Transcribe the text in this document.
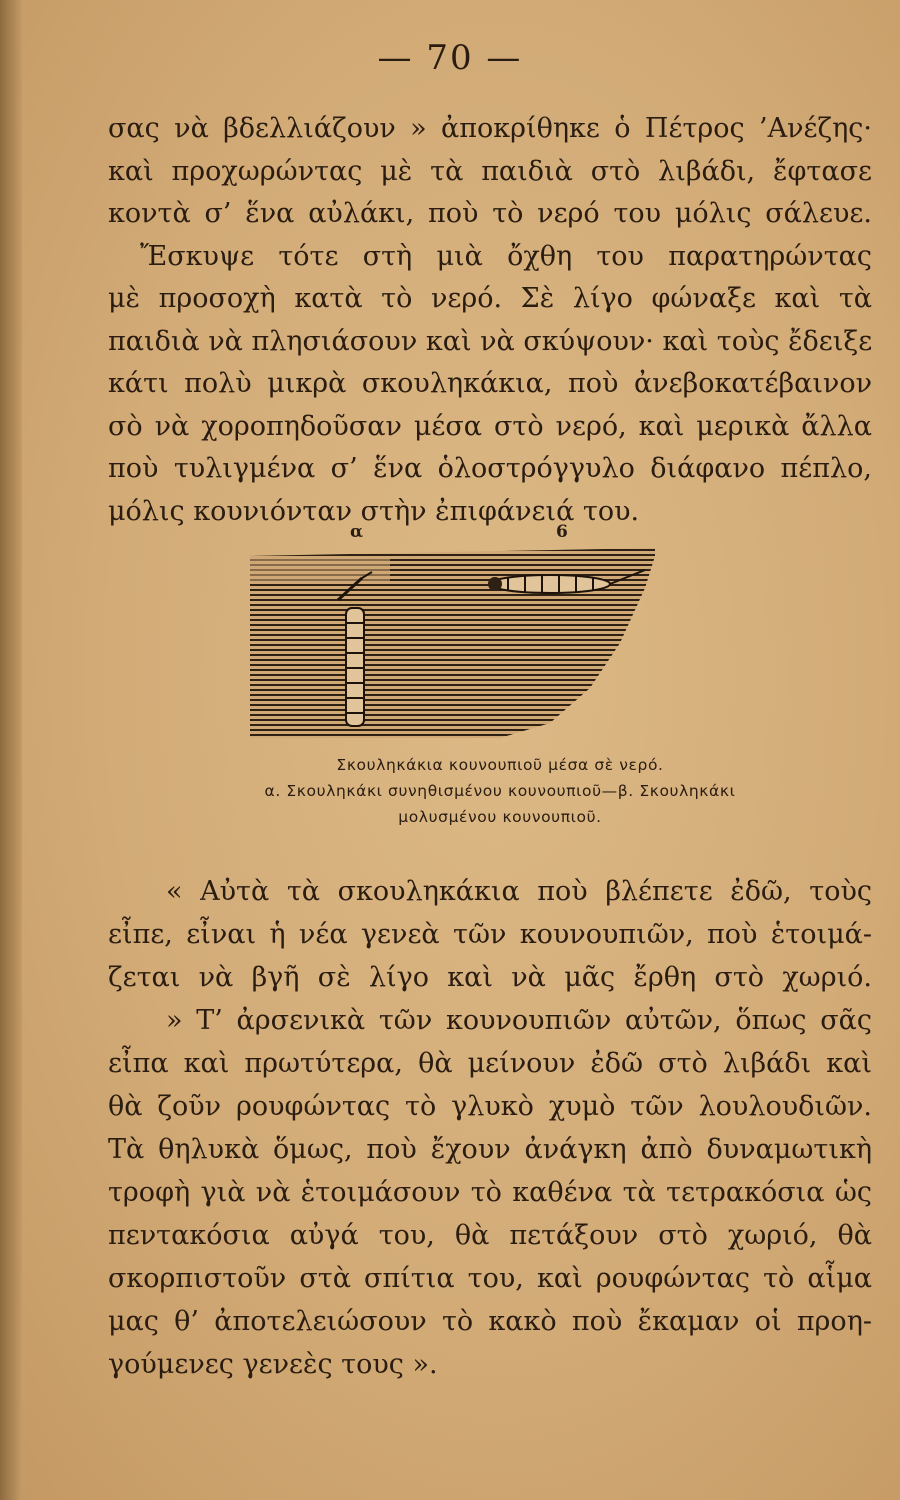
— 70 —
σας νὰ βδελλιάζουν » ἀποκρίθηκε ὁ Πέτρος ’Ανέζης·
καὶ προχωρώντας μὲ τὰ παιδιὰ στὸ λιβάδι, ἔφτασε
κοντὰ σ’ ἕνα αὐλάκι, ποὺ τὸ νερό του μόλις σάλευε.
Ἔσκυψε τότε στὴ μιὰ ὄχθη του παρατηρώντας
μὲ προσοχὴ κατὰ τὸ νερό. Σὲ λίγο φώναξε καὶ τὰ
παιδιὰ νὰ πλησιάσουν καὶ νὰ σκύψουν· καὶ τοὺς ἔδειξε
κάτι πολὺ μικρὰ σκουληκάκια, ποὺ ἀνεβοκατέβαινον
σὸ νὰ χοροπηδοῦσαν μέσα στὸ νερό, καὶ μερικὰ ἄλλα
ποὺ τυλιγμένα σ’ ἕνα ὁλοστρόγγυλο διάφανο πέπλο,
μόλις κουνιόνταν στὴν ἐπιφάνειά του.
α	6
Σκουληκάκια κουνουπιοῦ μέσα σὲ νερό.
α. Σκουληκάκι συνηθισμένου κουνουπιοῦ—β. Σκουληκάκι
μολυσμένου κουνουπιοῦ.
« Αὐτὰ τὰ σκουληκάκια ποὺ βλέπετε ἐδῶ, τοὺς
εἶπε, εἶναι ἡ νέα γενεὰ τῶν κουνουπιῶν, ποὺ ἑτοιμά-
ζεται νὰ βγῆ σὲ λίγο καὶ νὰ μᾶς ἔρθη στὸ χωριό.
» Τ’ ἀρσενικὰ τῶν κουνουπιῶν αὐτῶν, ὅπως σᾶς
εἶπα καὶ πρωτύτερα, θὰ μείνουν ἐδῶ στὸ λιβάδι καὶ
θὰ ζοῦν ρουφώντας τὸ γλυκὸ χυμὸ τῶν λουλουδιῶν.
Τὰ θηλυκὰ ὅμως, ποὺ ἔχουν ἀνάγκη ἀπὸ δυναμωτικὴ
τροφὴ γιὰ νὰ ἑτοιμάσουν τὸ καθένα τὰ τετρακόσια ὡς
πεντακόσια αὐγά του, θὰ πετάξουν στὸ χωριό, θὰ
σκορπιστοῦν στὰ σπίτια του, καὶ ρουφώντας τὸ αἷμα
μας θ’ ἀποτελειώσουν τὸ κακὸ ποὺ ἔκαμαν οἱ προη-
γούμενες γενεὲς τους ».
